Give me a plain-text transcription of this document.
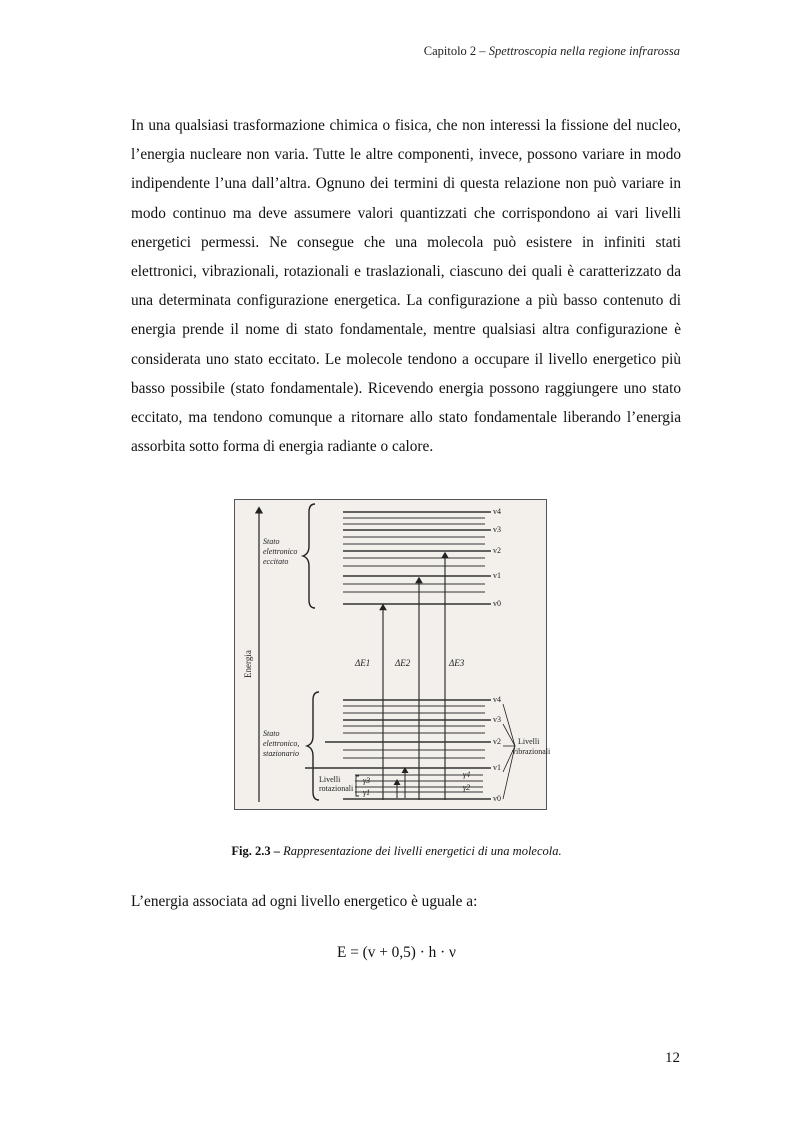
Capitolo 2 – Spettroscopia nella regione infrarossa

In una qualsiasi trasformazione chimica o fisica, che non interessi la fissione del nucleo, l’energia nucleare non varia. Tutte le altre componenti, invece, possono variare in modo indipendente l’una dall’altra. Ognuno dei termini di questa relazione non può variare in modo continuo ma deve assumere valori quantizzati che corrispondono ai vari livelli energetici permessi. Ne consegue che una molecola può esistere in infiniti stati elettronici, vibrazionali, rotazionali e traslazionali, ciascuno dei quali è caratterizzato da una determinata configurazione energetica. La configurazione a più basso contenuto di energia prende il nome di stato fondamentale, mentre qualsiasi altra configurazione è considerata uno stato eccitato. Le molecole tendono a occupare il livello energetico più basso possibile (stato fondamentale). Ricevendo energia possono raggiungere uno stato eccitato, ma tendono comunque a ritornare allo stato fondamentale liberando l’energia assorbita sotto forma di energia radiante o calore.

Energia
Stato
elettronico
eccitato
v4
v3
v2
v1
v0
ΔE1	ΔE2	ΔE3
Stato
elettronico,
stazionario
v4
v3
v2
v1
v0
γ3
γ1
γ4
γ2
Livelli
rotazionali
Livelli
vibrazionali
Fig. 2.3 – Rappresentazione dei livelli energetici di una molecola.
L’energia associata ad ogni livello energetico è uguale a:
E = (v + 0,5) · h · ν
12
